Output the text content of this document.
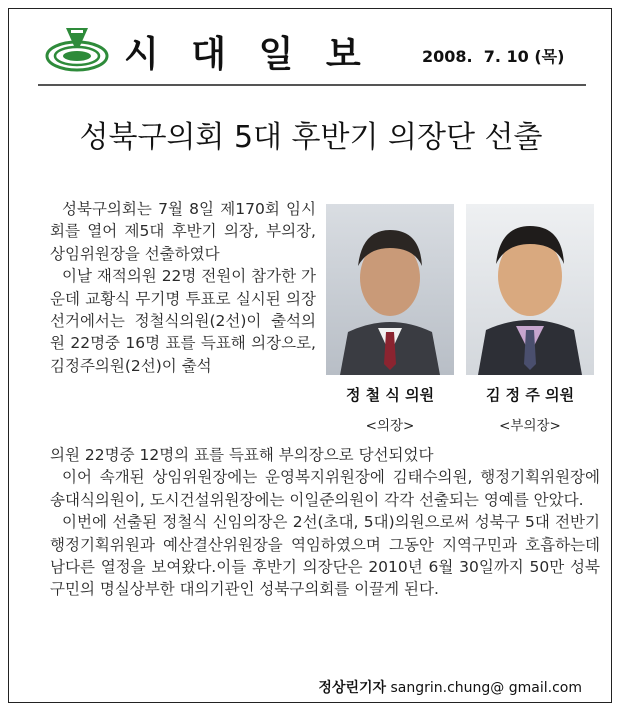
시 대 일 보	2008.  7. 10 (목)
성북구의회 5대 후반기 의장단 선출

성북구의회는 7월 8일 제170회 임시회를 열어 제5대 후반기 의장, 부의장,상임위원장을 선출하였다

이날 재적의원 22명 전원이 참가한 가운데 교황식 무기명 투표로 실시된 의장선거에서는 정철식의원(2선)이 출석의원 22명중 16명 표를 득표해 의장으로, 김정주의원(2선)이 출석

정 철 식 의원	김 정 주 의원
<의장>	<부의장>

의원 22명중 12명의 표를 득표해 부의장으로 당선되었다

이어 속개된 상임위원장에는 운영복지위원장에 김태수의원, 행정기획위원장에 송대식의원이, 도시건설위원장에는 이일준의원이 각각 선출되는 영예를 안았다.

이번에 선출된 정철식 신임의장은 2선(초대, 5대)의원으로써 성북구 5대 전반기 행정기획위원과 예산결산위원장을 역임하였으며 그동안 지역구민과 호흡하는데 남다른 열정을 보여왔다.이들 후반기 의장단은 2010년 6월 30일까지 50만 성북구민의 명실상부한 대의기관인 성북구의회를 이끌게 된다.

정상린기자 sangrin.chung@ gmail.com
